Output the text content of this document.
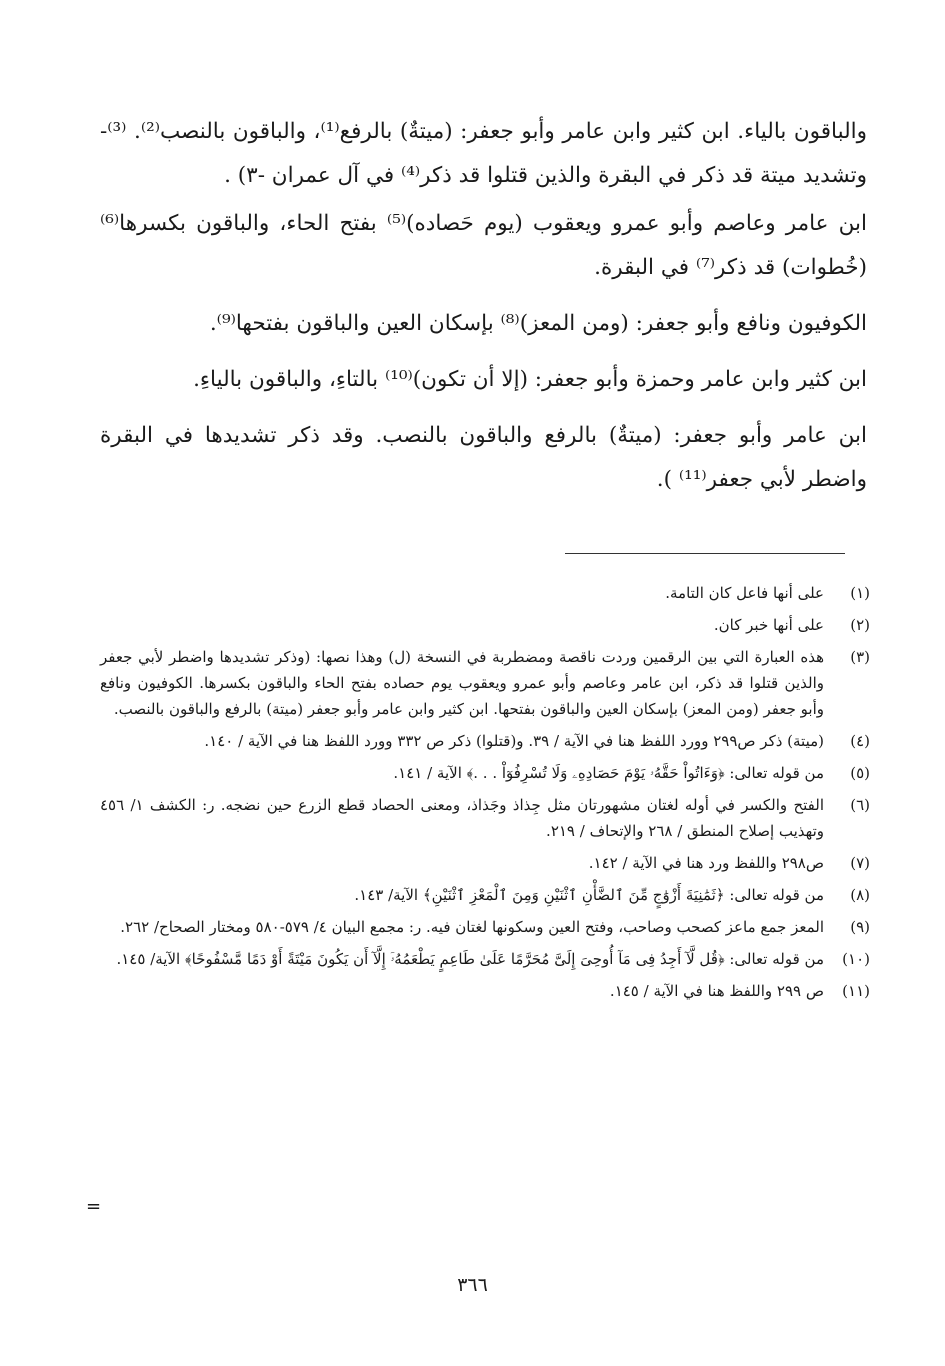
والباقون بالياء. ابن كثير وابن عامر وأبو جعفر: (ميتةٌ) بالرفع⁽¹⁾، والباقون بالنصب⁽²⁾. ⁽³⁾- وتشديد ميتة قد ذكر في البقرة والذين قتلوا قد ذكر⁽⁴⁾ في آل عمران -٣) .

ابن عامر وعاصم وأبو عمرو ويعقوب (يوم حَصاده)⁽⁵⁾ بفتح الحاء، والباقون بكسرها⁽⁶⁾ (خُطوات) قد ذكر⁽⁷⁾ في البقرة.

الكوفيون ونافع وأبو جعفر: (ومن المعز)⁽⁸⁾ بإسكان العين والباقون بفتحها⁽⁹⁾.

ابن كثير وابن عامر وحمزة وأبو جعفر: (إلا أن تكون)⁽¹⁰⁾ بالتاءِ، والباقون بالياءِ.

ابن عامر وأبو جعفر: (ميتةٌ) بالرفع والباقون بالنصب. وقد ذكر تشديدها في البقرة واضطر لأبي جعفر⁽¹¹⁾ ).

(١)
على أنها فاعل كان التامة.
(٢)
على أنها خبر كان.
(٣)
هذه العبارة التي بين الرقمين وردت ناقصة ومضطربة في النسخة (ل) وهذا نصها: (وذكر تشديدها واضطر لأبي جعفر والذين قتلوا قد ذكر، ابن عامر وعاصم وأبو عمرو ويعقوب يوم حصاده بفتح الحاء والباقون بكسرها. الكوفيون ونافع وأبو جعفر (ومن المعز) بإسكان العين والباقون بفتحها. ابن كثير وابن عامر وأبو جعفر (ميتة) بالرفع والباقون بالنصب.
(٤)
(ميتة) ذكر ص٢٩٩ وورد اللفظ هنا في الآية / ٣٩. و(قتلوا) ذكر ص ٣٣٢ وورد اللفظ هنا في الآية / ١٤٠.
(٥)
من قوله تعالى: ﴿وَءَاتُواْ حَقَّهُۥ يَوْمَ حَصَادِهِۦ وَلَا تُسْرِفُوٓاْ . . .﴾ الآية / ١٤١.
(٦)
الفتح والكسر في أوله لغتان مشهورتان مثل جِذاذ وجَذاذ، ومعنى الحصاد قطع الزرع حين نضجه. ر: الكشف ١/ ٤٥٦ وتهذيب إصلاح المنطق / ٢٦٨ والإتحاف / ٢١٩.
(٧)
ص٢٩٨ واللفظ ورد هنا في الآية / ١٤٢.
(٨)
من قوله تعالى: ﴿ثَمَٰنِيَةَ أَزْوَٰجٍ مِّنَ ٱلضَّأْنِ ٱثْنَيْنِ وَمِنَ ٱلْمَعْزِ ٱثْنَيْنِ﴾ الآية/ ١٤٣.
(٩)
المعز جمع ماعز كصحب وصاحب، وفتح العين وسكونها لغتان فيه. ر: مجمع البيان ٤/ ٥٧٩-٥٨٠ ومختار الصحاح/ ٢٦٢.
(١٠)
من قوله تعالى: ﴿قُل لَّآ أَجِدُ فِى مَآ أُوحِىَ إِلَىَّ مُحَرَّمًا عَلَىٰ طَاعِمٍ يَطْعَمُهُۥٓ إِلَّآ أَن يَكُونَ مَيْتَةً أَوْ دَمًا مَّسْفُوحًا﴾ الآية/ ١٤٥.
(١١)
ص ٢٩٩ واللفظ هنا في الآية / ١٤٥.
=
٣٦٦
